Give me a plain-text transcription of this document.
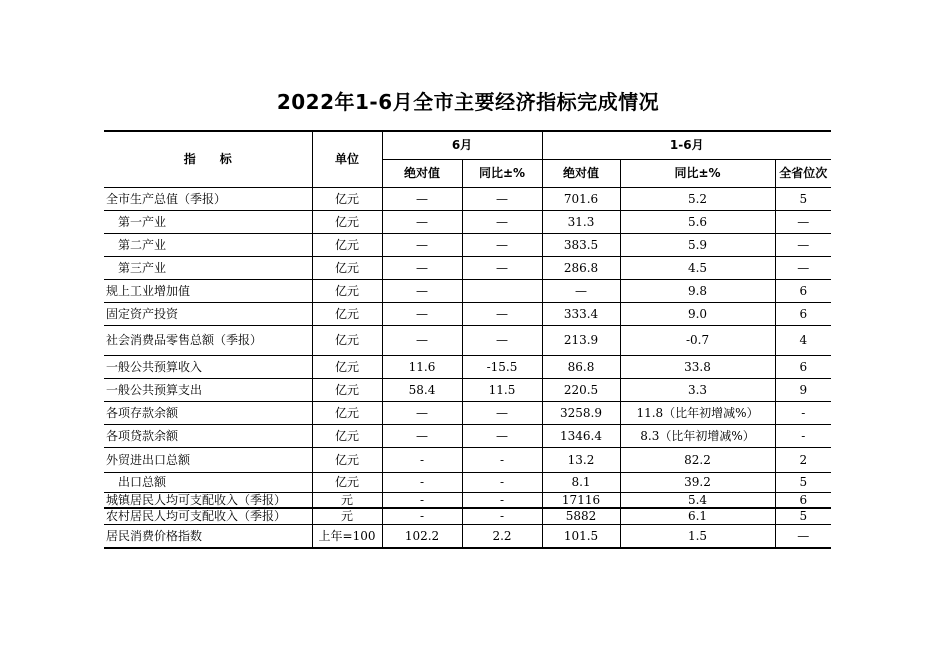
2022年1-6月全市主要经济指标完成情况
指　　标	单位	6月		1-6月		
		绝对值	同比±%	绝对值	同比±%	全省位次
全市生产总值（季报）	亿元	—	—	701.6	5.2	5
第一产业	亿元	—	—	31.3	5.6	—
第二产业	亿元	—	—	383.5	5.9	—
第三产业	亿元	—	—	286.8	4.5	—
规上工业增加值	亿元	—		—	9.8	6
固定资产投资	亿元	—	—	333.4	9.0	6
社会消费品零售总额（季报）	亿元	—	—	213.9	-0.7	4
一般公共预算收入	亿元	11.6	-15.5	86.8	33.8	6
一般公共预算支出	亿元	58.4	11.5	220.5	3.3	9
各项存款余额	亿元	—	—	3258.9	11.8（比年初增减%）	-
各项贷款余额	亿元	—	—	1346.4	8.3（比年初增减%）	-
外贸进出口总额	亿元	-	-	13.2	82.2	2
出口总额	亿元	-	-	8.1	39.2	5
城镇居民人均可支配收入（季报）	元	-	-	17116	5.4	6
农村居民人均可支配收入（季报）	元	-	-	5882	6.1	5
居民消费价格指数	上年=100	102.2	2.2	101.5	1.5	—
